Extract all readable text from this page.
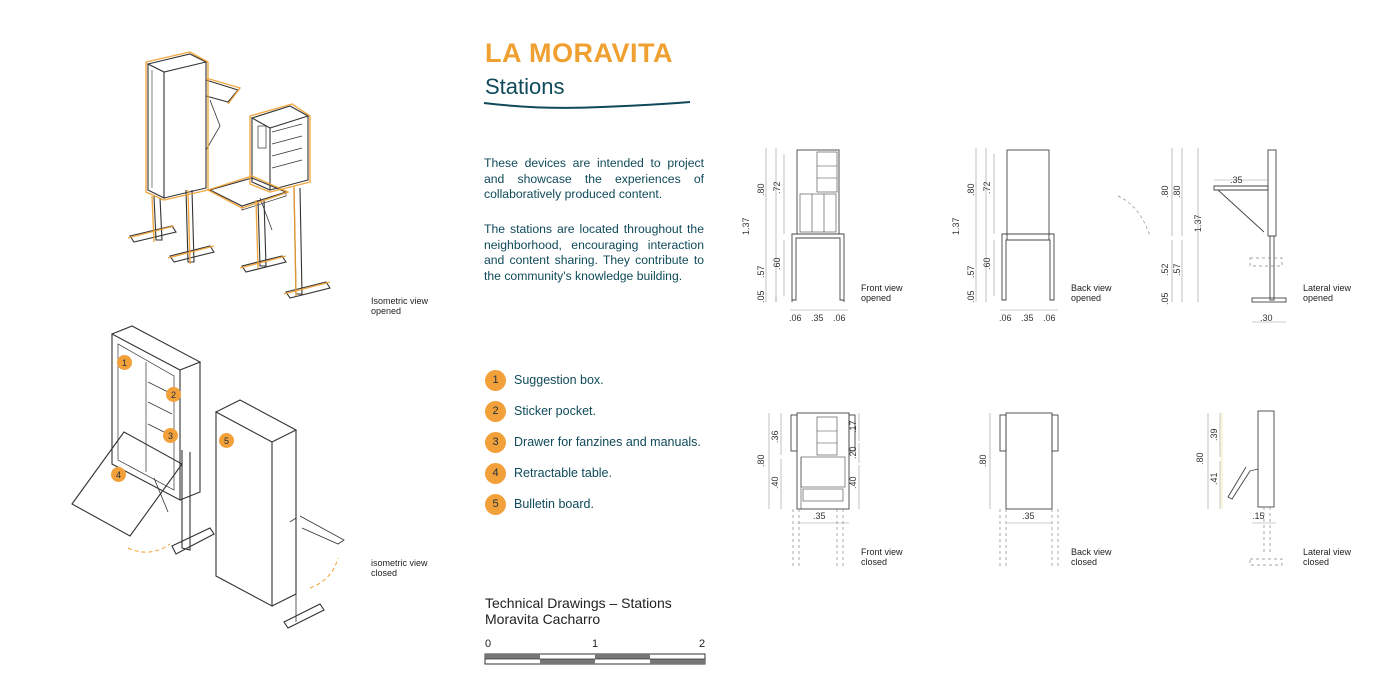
Isometric view
opened
1
2
3
4
5
isometric view
closed
LA MORAVITA
Stations
These devices are intended to project and showcase the experiences of collaboratively produced content.
The stations are located throughout the neighborhood, encouraging interaction and content sharing. They contribute to the community's knowledge building.
1	Suggestion box.
2	Sticker pocket.
3	Drawer for fanzines and manuals.
4	Retractable table.
5	Bulletin board.
Technical Drawings – Stations
Moravita Cacharro
0	1	2
1.37
.80 .72
.57
.60
.05
.06 .35 .06
Front view
opened
1.37
.80 .72
.57
.60
.05
.06 .35 .06
Back view
opened
.35
.80 .80
1.37
.52 .57
.05
.30
Lateral view
opened
.80
.36
.40
.17
.20
.40
.35
Front view
closed
.80
.35
Back view
closed
.80
.39
.41
.15
Lateral view
closed
